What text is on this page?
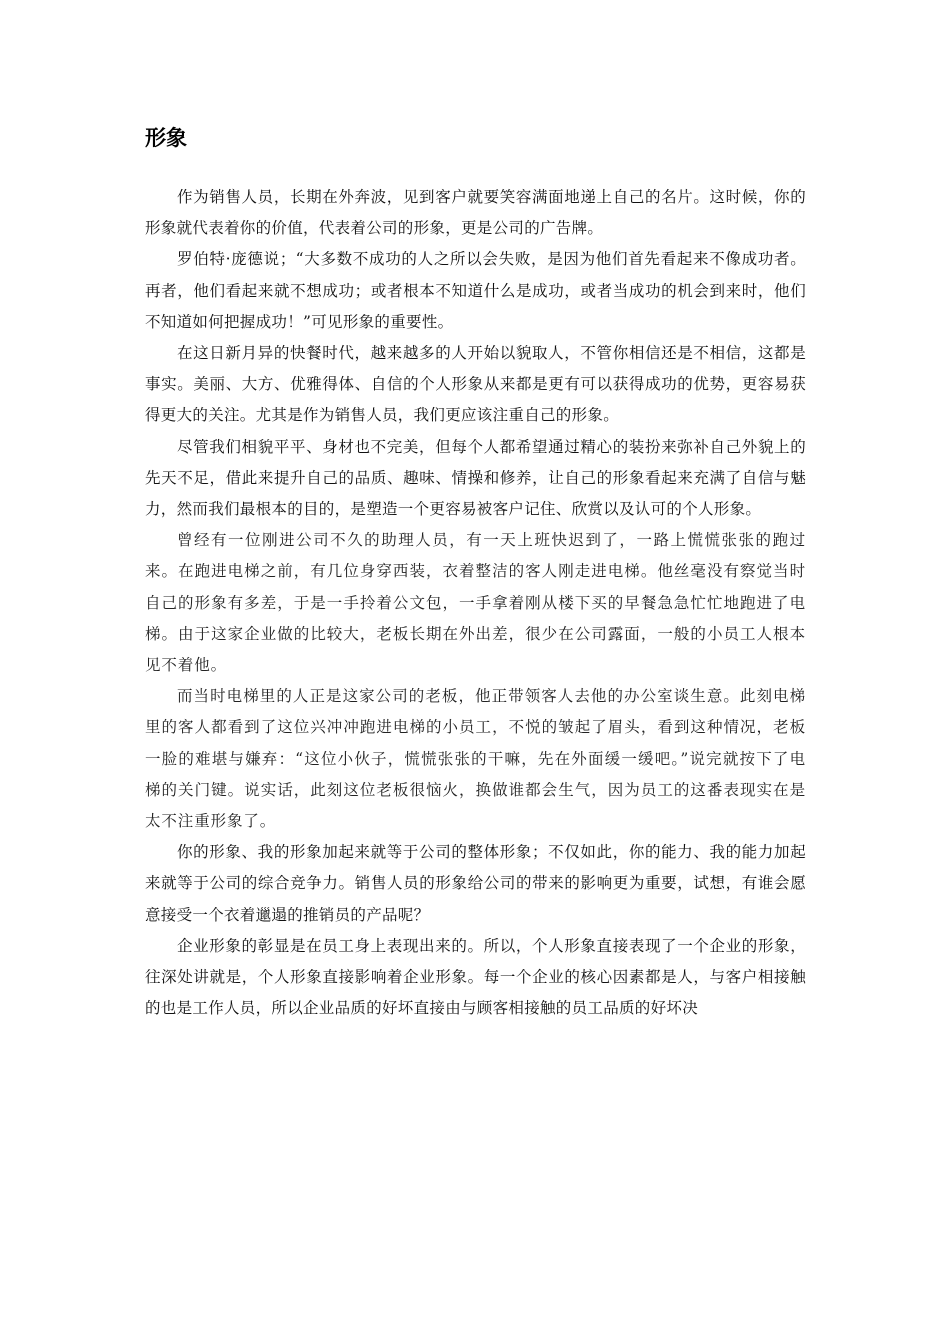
形象

作为销售人员，长期在外奔波，见到客户就要笑容满面地递上自己的名片。这时候，你的形象就代表着你的价值，代表着公司的形象，更是公司的广告牌。

罗伯特·庞德说；“大多数不成功的人之所以会失败，是因为他们首先看起来不像成功者。再者，他们看起来就不想成功；或者根本不知道什么是成功，或者当成功的机会到来时，他们不知道如何把握成功！”可见形象的重要性。

在这日新月异的快餐时代，越来越多的人开始以貌取人，不管你相信还是不相信，这都是事实。美丽、大方、优雅得体、自信的个人形象从来都是更有可以获得成功的优势，更容易获得更大的关注。尤其是作为销售人员，我们更应该注重自己的形象。

尽管我们相貌平平、身材也不完美，但每个人都希望通过精心的装扮来弥补自己外貌上的先天不足，借此来提升自己的品质、趣味、情操和修养，让自己的形象看起来充满了自信与魅力，然而我们最根本的目的，是塑造一个更容易被客户记住、欣赏以及认可的个人形象。

曾经有一位刚进公司不久的助理人员，有一天上班快迟到了，一路上慌慌张张的跑过来。在跑进电梯之前，有几位身穿西装，衣着整洁的客人刚走进电梯。他丝毫没有察觉当时自己的形象有多差，于是一手拎着公文包，一手拿着刚从楼下买的早餐急急忙忙地跑进了电梯。由于这家企业做的比较大，老板长期在外出差，很少在公司露面，一般的小员工人根本见不着他。

而当时电梯里的人正是这家公司的老板，他正带领客人去他的办公室谈生意。此刻电梯里的客人都看到了这位兴冲冲跑进电梯的小员工，不悦的皱起了眉头，看到这种情况，老板一脸的难堪与嫌弃：“这位小伙子，慌慌张张的干嘛，先在外面缓一缓吧。”说完就按下了电梯的关门键。说实话，此刻这位老板很恼火，换做谁都会生气，因为员工的这番表现实在是太不注重形象了。

你的形象、我的形象加起来就等于公司的整体形象；不仅如此，你的能力、我的能力加起来就等于公司的综合竞争力。销售人员的形象给公司的带来的影响更为重要，试想，有谁会愿意接受一个衣着邋遢的推销员的产品呢？

企业形象的彰显是在员工身上表现出来的。所以，个人形象直接表现了一个企业的形象，往深处讲就是，个人形象直接影响着企业形象。每一个企业的核心因素都是人，与客户相接触的也是工作人员，所以企业品质的好坏直接由与顾客相接触的员工品质的好坏决
